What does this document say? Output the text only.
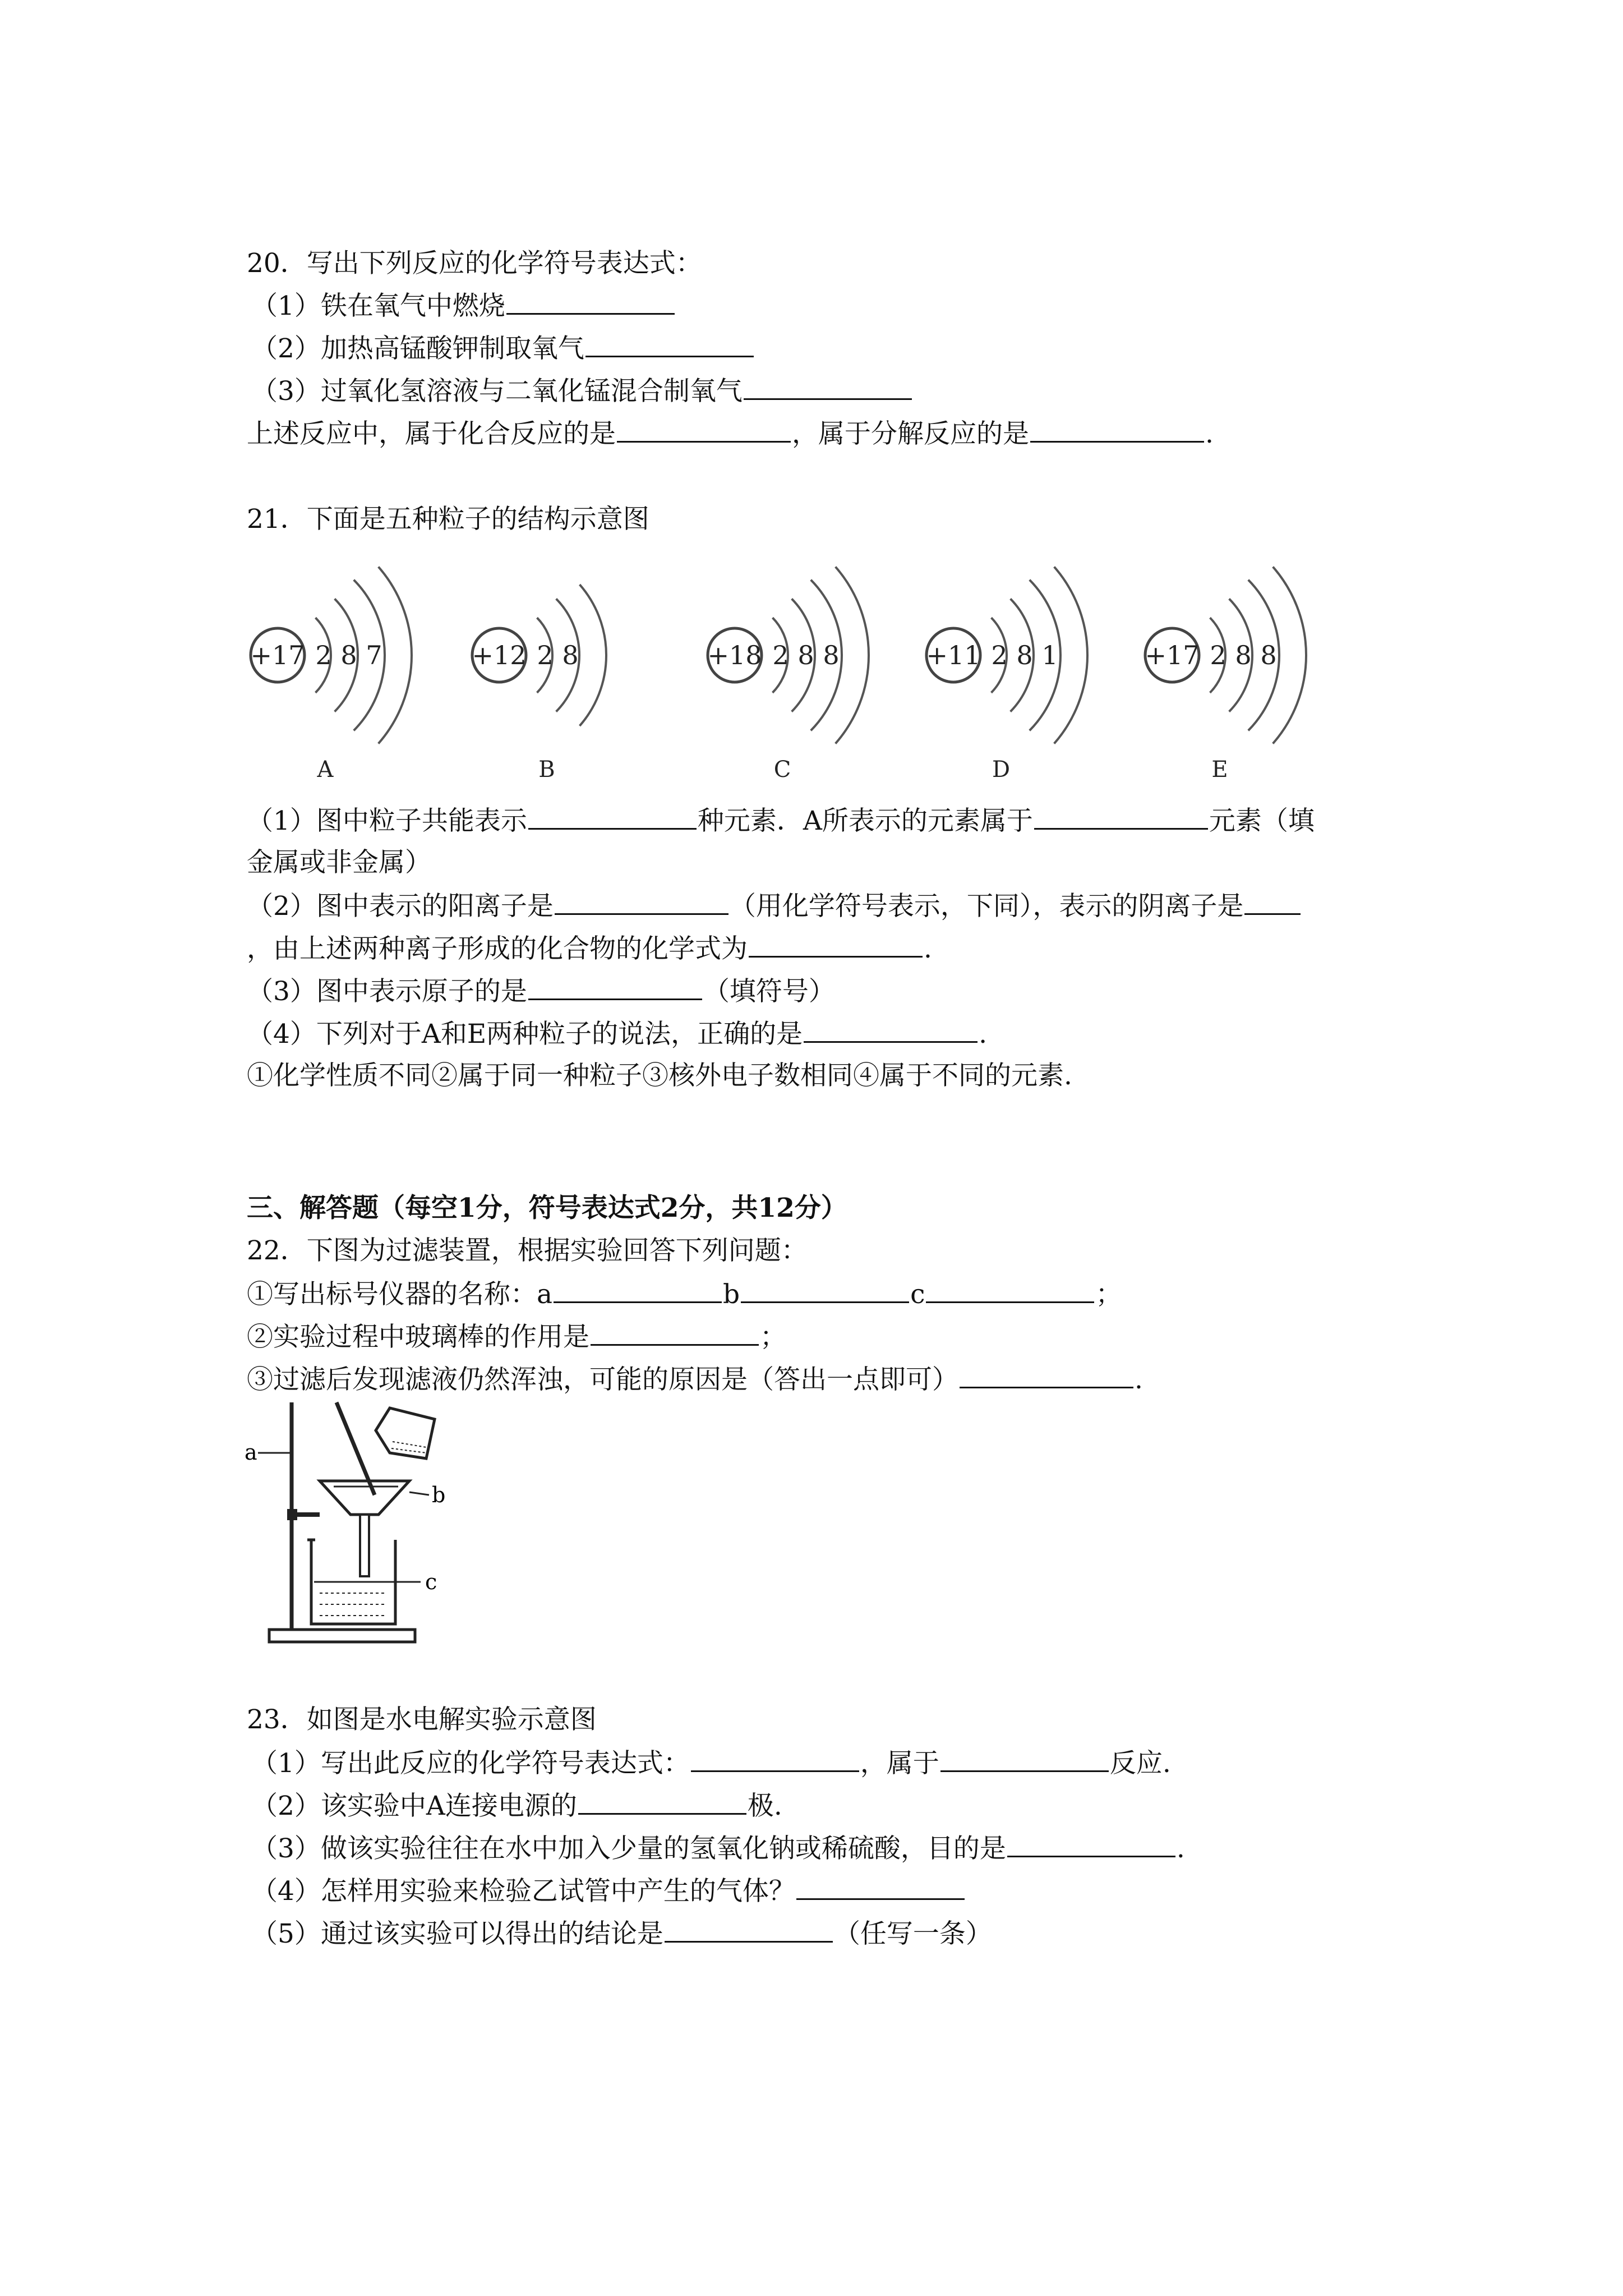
20．写出下列反应的化学符号表达式：
（1）铁在氧气中燃烧
（2）加热高锰酸钾制取氧气
（3）过氧化氢溶液与二氧化锰混合制氧气
上述反应中，属于化合反应的是	，属于分解反应的是	.
21．下面是五种粒子的结构示意图
+17 2 8 7
A
+12 2 8
B
+18 2 8 8
C
+11 2 8 1
D
+17 2 8 8
E
（1）图中粒子共能表示	种元素．A所表示的元素属于	元素（填
金属或非金属）
（2）图中表示的阳离子是	（用化学符号表示，下同），表示的阴离子是
，由上述两种离子形成的化合物的化学式为	.
（3）图中表示原子的是	（填符号）
（4）下列对于A和E两种粒子的说法，正确的是	.
①化学性质不同②属于同一种粒子③核外电子数相同④属于不同的元素.
三、解答题（每空1分，符号表达式2分，共12分）
22．下图为过滤装置，根据实验回答下列问题：
①写出标号仪器的名称：a	b	c	；
②实验过程中玻璃棒的作用是	；
③过滤后发现滤液仍然浑浊，可能的原因是（答出一点即可）	.
a
b
c
23．如图是水电解实验示意图
（1）写出此反应的化学符号表达式：	，属于	反应.
（2）该实验中A连接电源的	极.
（3）做该实验往往在水中加入少量的氢氧化钠或稀硫酸，目的是	.
（4）怎样用实验来检验乙试管中产生的气体？
（5）通过该实验可以得出的结论是	（任写一条）
